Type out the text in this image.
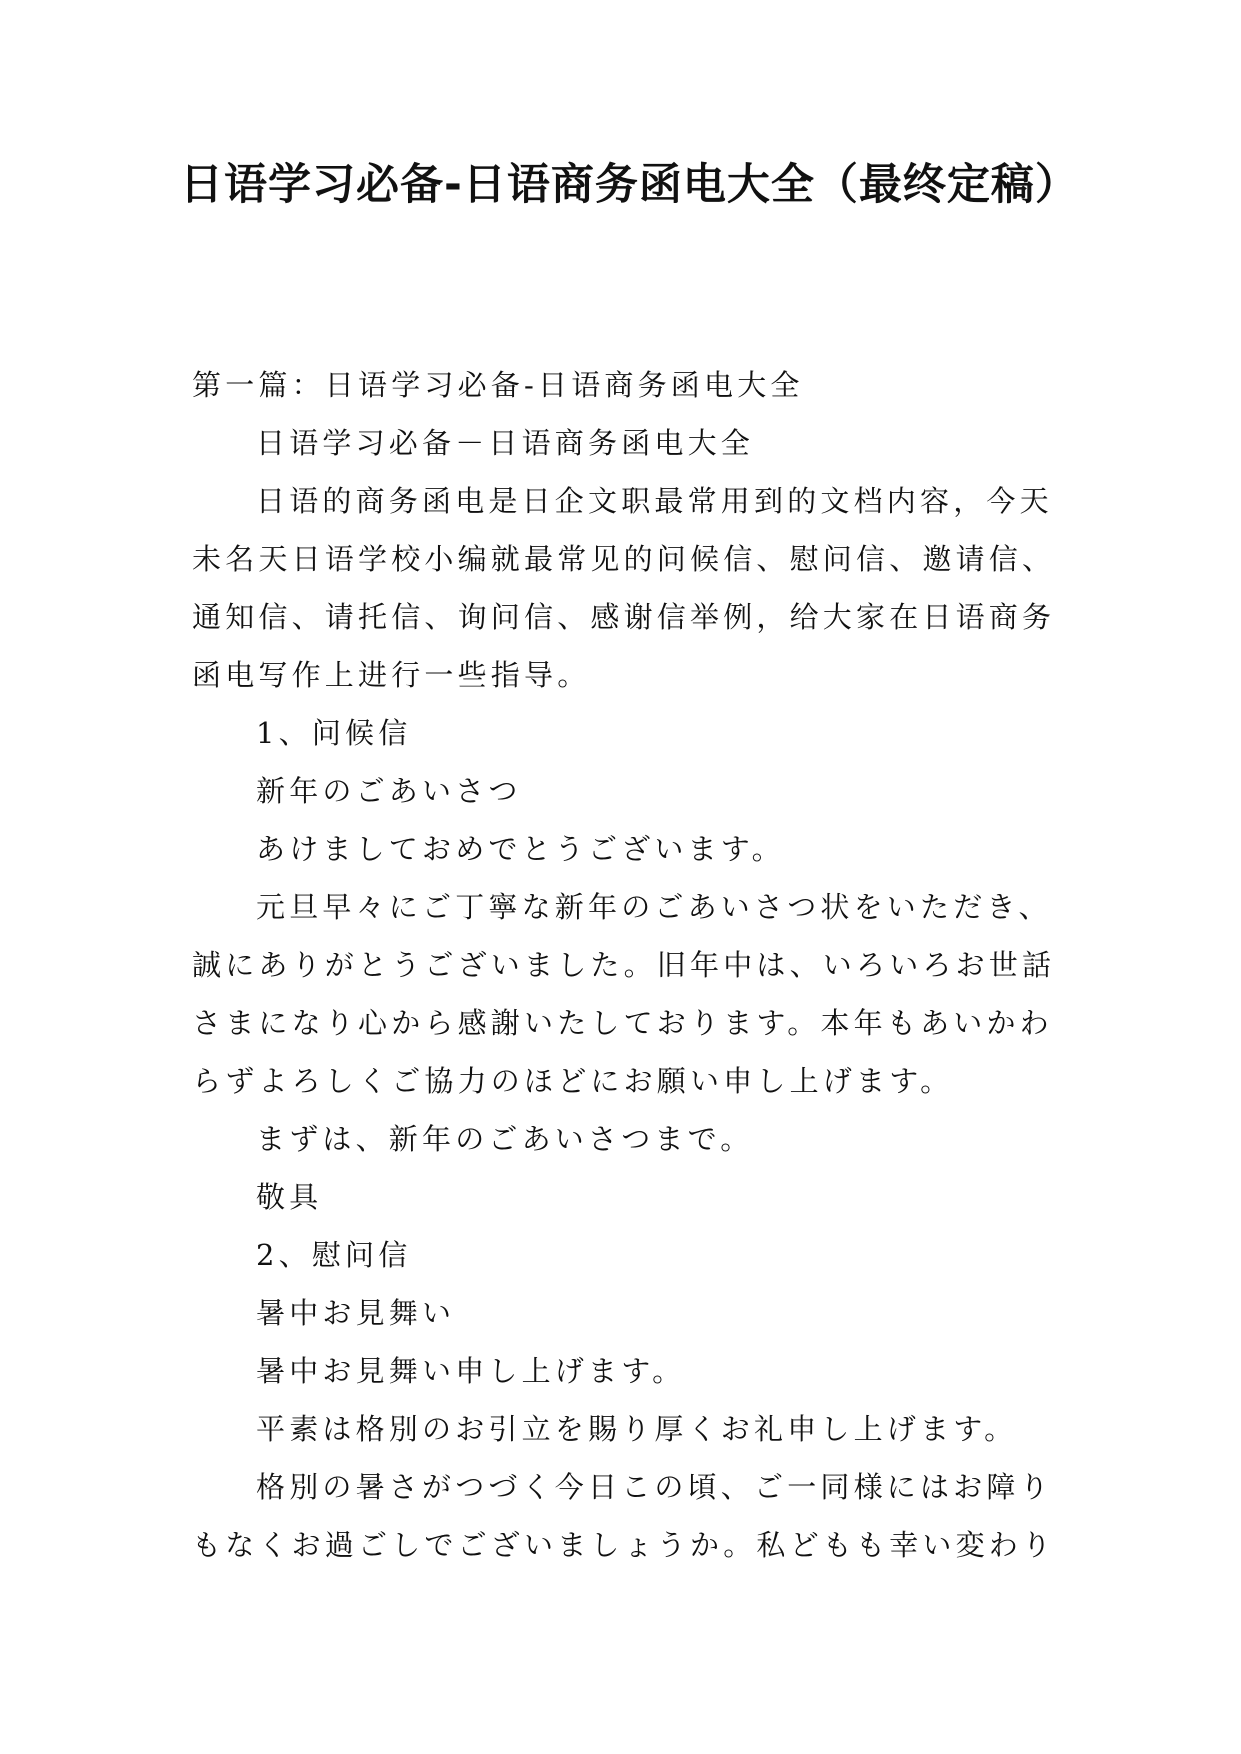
日语学习必备-日语商务函电大全（最终定稿）

第一篇：日语学习必备-日语商务函电大全

日语学习必备－日语商务函电大全

日语的商务函电是日企文职最常用到的文档内容，今天未名天日语学校小编就最常见的问候信、慰问信、邀请信、通知信、请托信、询问信、感谢信举例，给大家在日语商务函电写作上进行一些指导。

1、问候信

新年のごあいさつ

あけましておめでとうございます。

元旦早々にご丁寧な新年のごあいさつ状をいただき、誠にありがとうございました。旧年中は、いろいろお世話さまになり心から感謝いたしております。本年もあいかわらずよろしくご協力のほどにお願い申し上げます。

まずは、新年のごあいさつまで。

敬具

2、慰问信

暑中お見舞い

暑中お見舞い申し上げます。

平素は格別のお引立を賜り厚くお礼申し上げます。

格別の暑さがつづく今日この頃、ご一同様にはお障りもなくお過ごしでございましょうか。私どもも幸い変わり
